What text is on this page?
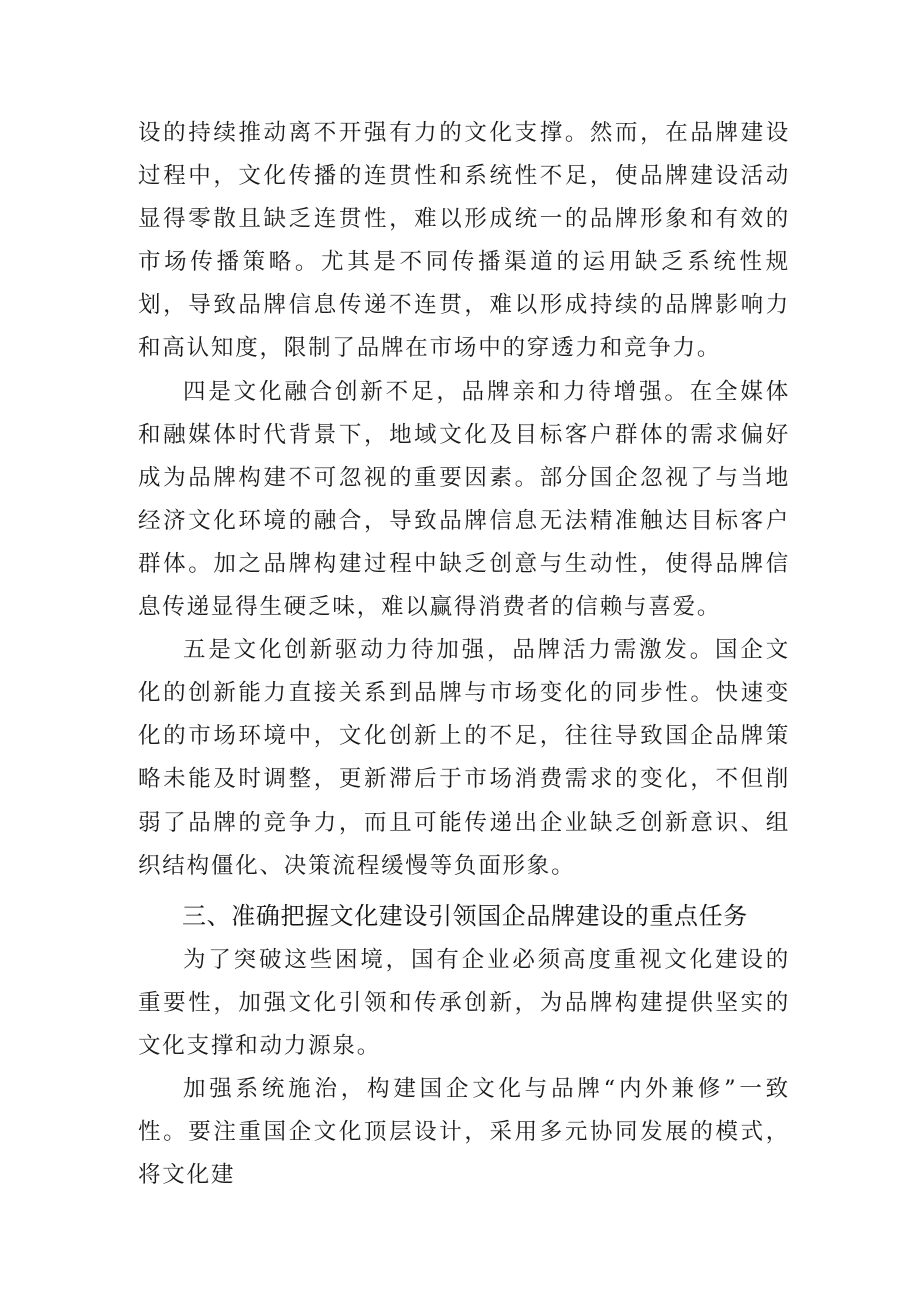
设的持续推动离不开强有力的文化支撑。然而，在品牌建设过程中，文化传播的连贯性和系统性不足，使品牌建设活动显得零散且缺乏连贯性，难以形成统一的品牌形象和有效的市场传播策略。尤其是不同传播渠道的运用缺乏系统性规划，导致品牌信息传递不连贯，难以形成持续的品牌影响力和高认知度，限制了品牌在市场中的穿透力和竞争力。

四是文化融合创新不足，品牌亲和力待增强。在全媒体和融媒体时代背景下，地域文化及目标客户群体的需求偏好成为品牌构建不可忽视的重要因素。部分国企忽视了与当地经济文化环境的融合，导致品牌信息无法精准触达目标客户群体。加之品牌构建过程中缺乏创意与生动性，使得品牌信息传递显得生硬乏味，难以赢得消费者的信赖与喜爱。

五是文化创新驱动力待加强，品牌活力需激发。国企文化的创新能力直接关系到品牌与市场变化的同步性。快速变化的市场环境中，文化创新上的不足，往往导致国企品牌策略未能及时调整，更新滞后于市场消费需求的变化，不但削弱了品牌的竞争力，而且可能传递出企业缺乏创新意识、组织结构僵化、决策流程缓慢等负面形象。

三、准确把握文化建设引领国企品牌建设的重点任务

为了突破这些困境，国有企业必须高度重视文化建设的重要性，加强文化引领和传承创新，为品牌构建提供坚实的文化支撑和动力源泉。

加强系统施治，构建国企文化与品牌“内外兼修”一致性。要注重国企文化顶层设计，采用多元协同发展的模式，将文化建
